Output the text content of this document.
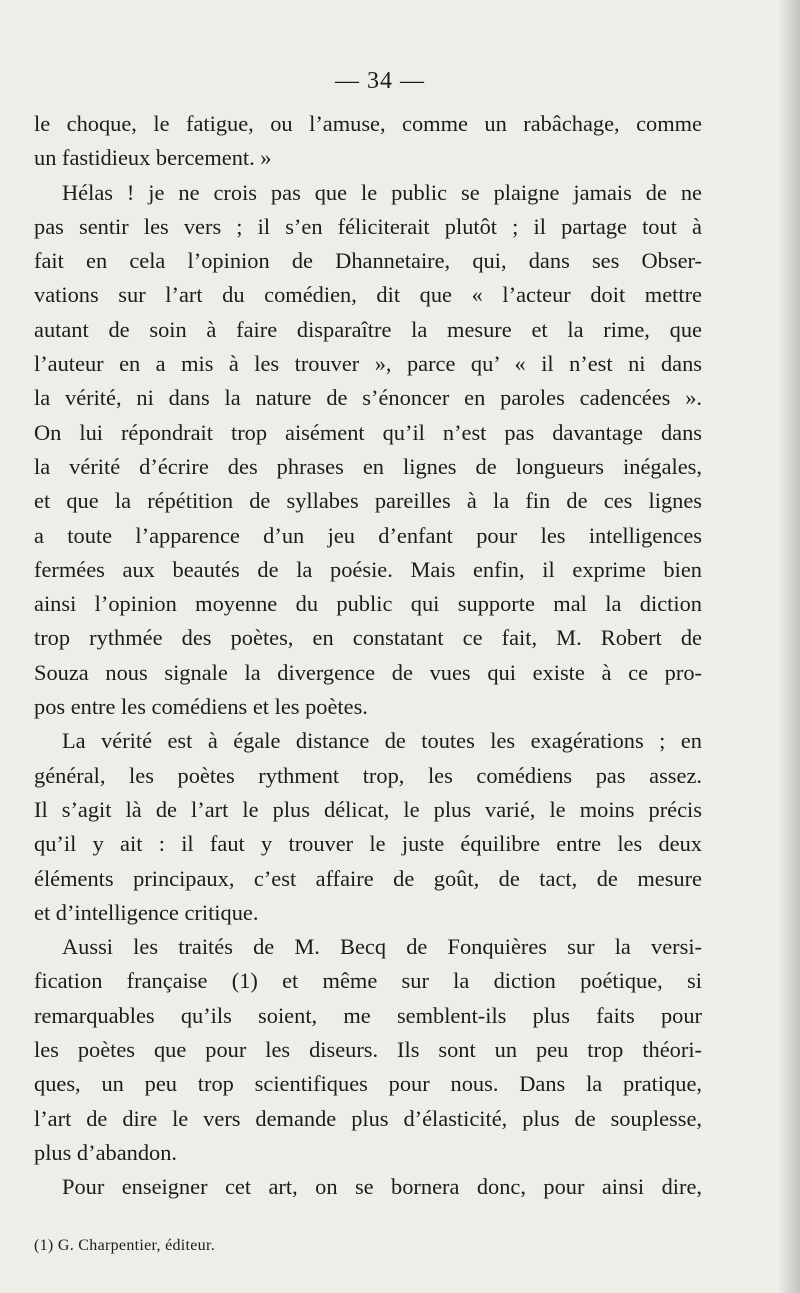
— 34 —
le choque, le fatigue, ou l’amuse, comme un rabâchage, comme
un fastidieux bercement. »
Hélas ! je ne crois pas que le public se plaigne jamais de ne
pas sentir les vers ; il s’en féliciterait plutôt ; il partage tout à
fait en cela l’opinion de Dhannetaire, qui, dans ses Obser-
vations sur l’art du comédien, dit que « l’acteur doit mettre
autant de soin à faire disparaître la mesure et la rime, que
l’auteur en a mis à les trouver », parce qu’ « il n’est ni dans
la vérité, ni dans la nature de s’énoncer en paroles cadencées ».
On lui répondrait trop aisément qu’il n’est pas davantage dans
la vérité d’écrire des phrases en lignes de longueurs inégales,
et que la répétition de syllabes pareilles à la fin de ces lignes
a toute l’apparence d’un jeu d’enfant pour les intelligences
fermées aux beautés de la poésie. Mais enfin, il exprime bien
ainsi l’opinion moyenne du public qui supporte mal la diction
trop rythmée des poètes, en constatant ce fait, M. Robert de
Souza nous signale la divergence de vues qui existe à ce pro-
pos entre les comédiens et les poètes.
La vérité est à égale distance de toutes les exagérations ; en
général, les poètes rythment trop, les comédiens pas assez.
Il s’agit là de l’art le plus délicat, le plus varié, le moins précis
qu’il y ait : il faut y trouver le juste équilibre entre les deux
éléments principaux, c’est affaire de goût, de tact, de mesure
et d’intelligence critique.
Aussi les traités de M. Becq de Fonquières sur la versi-
fication française (1) et même sur la diction poétique, si
remarquables qu’ils soient, me semblent-ils plus faits pour
les poètes que pour les diseurs. Ils sont un peu trop théori-
ques, un peu trop scientifiques pour nous. Dans la pratique,
l’art de dire le vers demande plus d’élasticité, plus de souplesse,
plus d’abandon.
Pour enseigner cet art, on se bornera donc, pour ainsi dire,
(1) G. Charpentier, éditeur.
